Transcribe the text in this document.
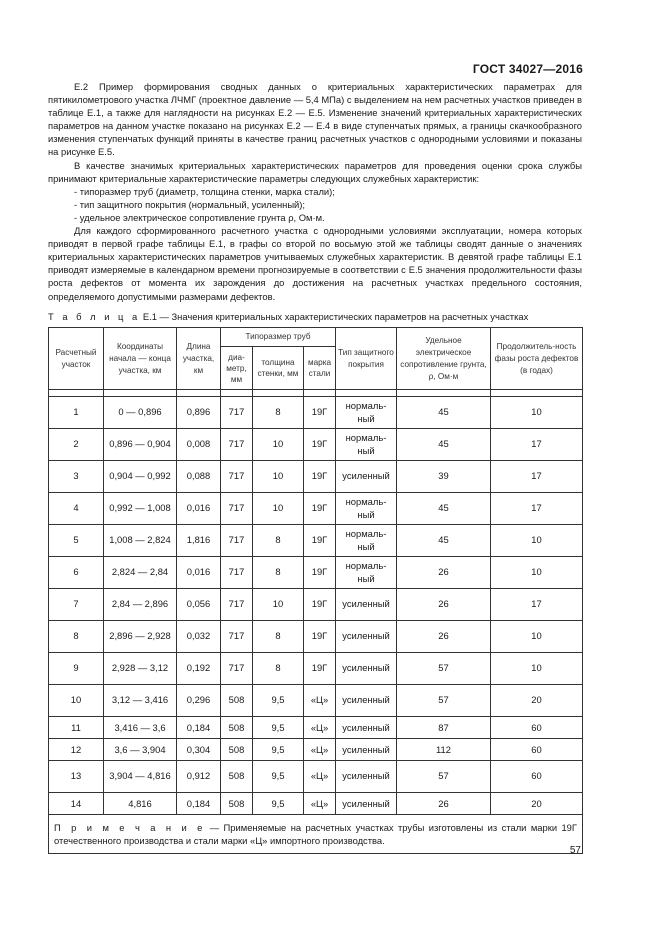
ГОСТ 34027—2016

Е.2 Пример формирования сводных данных о критериальных характеристических параметрах для пятикилометрового участка ЛЧМГ (проектное давление — 5,4 МПа) с выделением на нем расчетных участков приведен в таблице Е.1, а также для наглядности на рисунках Е.2 — Е.5. Изменение значений критериальных характеристических параметров на данном участке показано на рисунках Е.2 — Е.4 в виде ступенчатых прямых, а границы скачкообразного изменения ступенчатых функций приняты в качестве границ расчетных участков с однородными условиями и показаны на рисунке Е.5.

В качестве значимых критериальных характеристических параметров для проведения оценки срока службы принимают критериальные характеристические параметры следующих служебных характеристик:

- типоразмер труб (диаметр, толщина стенки, марка стали);
- тип защитного покрытия (нормальный, усиленный);
- удельное электрическое сопротивление грунта ρ, Ом·м.

Для каждого сформированного расчетного участка с однородными условиями эксплуатации, номера которых приводят в первой графе таблицы Е.1, в графы со второй по восьмую этой же таблицы сводят данные о значениях критериальных характеристических параметров учитываемых служебных характеристик. В девятой графе таблицы Е.1 приводят измеряемые в календарном времени прогнозируемые в соответствии с Е.5 значения продолжительности фазы роста дефектов от момента их зарождения до достижения на расчетных участках предельного состояния, определяемого допустимыми размерами дефектов.

Т а б л и ц а Е.1 — Значения критериальных характеристических параметров на расчетных участках
Расчетный участок	Координаты начала — конца участка, км	Длина участка, км	Типоразмер труб			Тип защитного покрытия	Удельное электрическое сопротивление грунта, ρ, Ом·м	Продолжитель-ность фазы роста дефектов (в годах)
			диа-метр, мм	толщина стенки, мм	марка стали			

1	0 — 0,896	0,896	717	8	19Г	нормаль-ный	45	10
2	0,896 — 0,904	0,008	717	10	19Г	нормаль-ный	45	17
3	0,904 — 0,992	0,088	717	10	19Г	усиленный	39	17
4	0,992 — 1,008	0,016	717	10	19Г	нормаль-ный	45	17
5	1,008 — 2,824	1,816	717	8	19Г	нормаль-ный	45	10
6	2,824 — 2,84	0,016	717	8	19Г	нормаль-ный	26	10
7	2,84 — 2,896	0,056	717	10	19Г	усиленный	26	17
8	2,896 — 2,928	0,032	717	8	19Г	усиленный	26	10
9	2,928 — 3,12	0,192	717	8	19Г	усиленный	57	10
10	3,12 — 3,416	0,296	508	9,5	«Ц»	усиленный	57	20
11	3,416 — 3,6	0,184	508	9,5	«Ц»	усиленный	87	60
12	3,6 — 3,904	0,304	508	9,5	«Ц»	усиленный	112	60
13	3,904 — 4,816	0,912	508	9,5	«Ц»	усиленный	57	60
14	4,816	0,184	508	9,5	«Ц»	усиленный	26	20
П р и м е ч а н и е — Применяемые на расчетных участках трубы изготовлены из стали марки 19Г отечественного производства и стали марки «Ц» импортного производства.								
57
